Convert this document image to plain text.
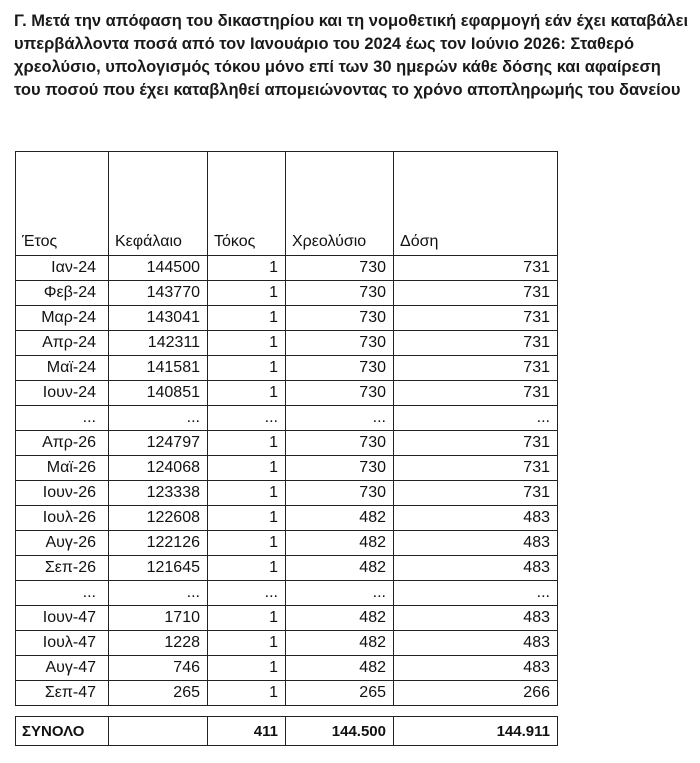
Γ. Μετά την απόφαση του δικαστηρίου και τη νομοθετική εφαρμογή εάν έχει καταβάλει υπερβάλλοντα ποσά από τον Ιανουάριο του 2024 έως τον Ιούνιο 2026: Σταθερό χρεολύσιο, υπολογισμός τόκου μόνο επί των 30 ημερών κάθε δόσης και αφαίρεση του ποσού που έχει καταβληθεί απομειώνοντας το χρόνο αποπληρωμής του δανείου
Έτος	Κεφάλαιο	Τόκος	Χρεολύσιο	Δόση
Ιαν-24	144500	1	730	731
Φεβ-24	143770	1	730	731
Μαρ-24	143041	1	730	731
Απρ-24	142311	1	730	731
Μαϊ-24	141581	1	730	731
Ιουν-24	140851	1	730	731
...	...	...	...	...
Απρ-26	124797	1	730	731
Μαϊ-26	124068	1	730	731
Ιουν-26	123338	1	730	731
Ιουλ-26	122608	1	482	483
Αυγ-26	122126	1	482	483
Σεπ-26	121645	1	482	483
...	...	...	...	...
Ιουν-47	1710	1	482	483
Ιουλ-47	1228	1	482	483
Αυγ-47	746	1	482	483
Σεπ-47	265	1	265	266
ΣΥΝΟΛΟ		411	144.500	144.911
